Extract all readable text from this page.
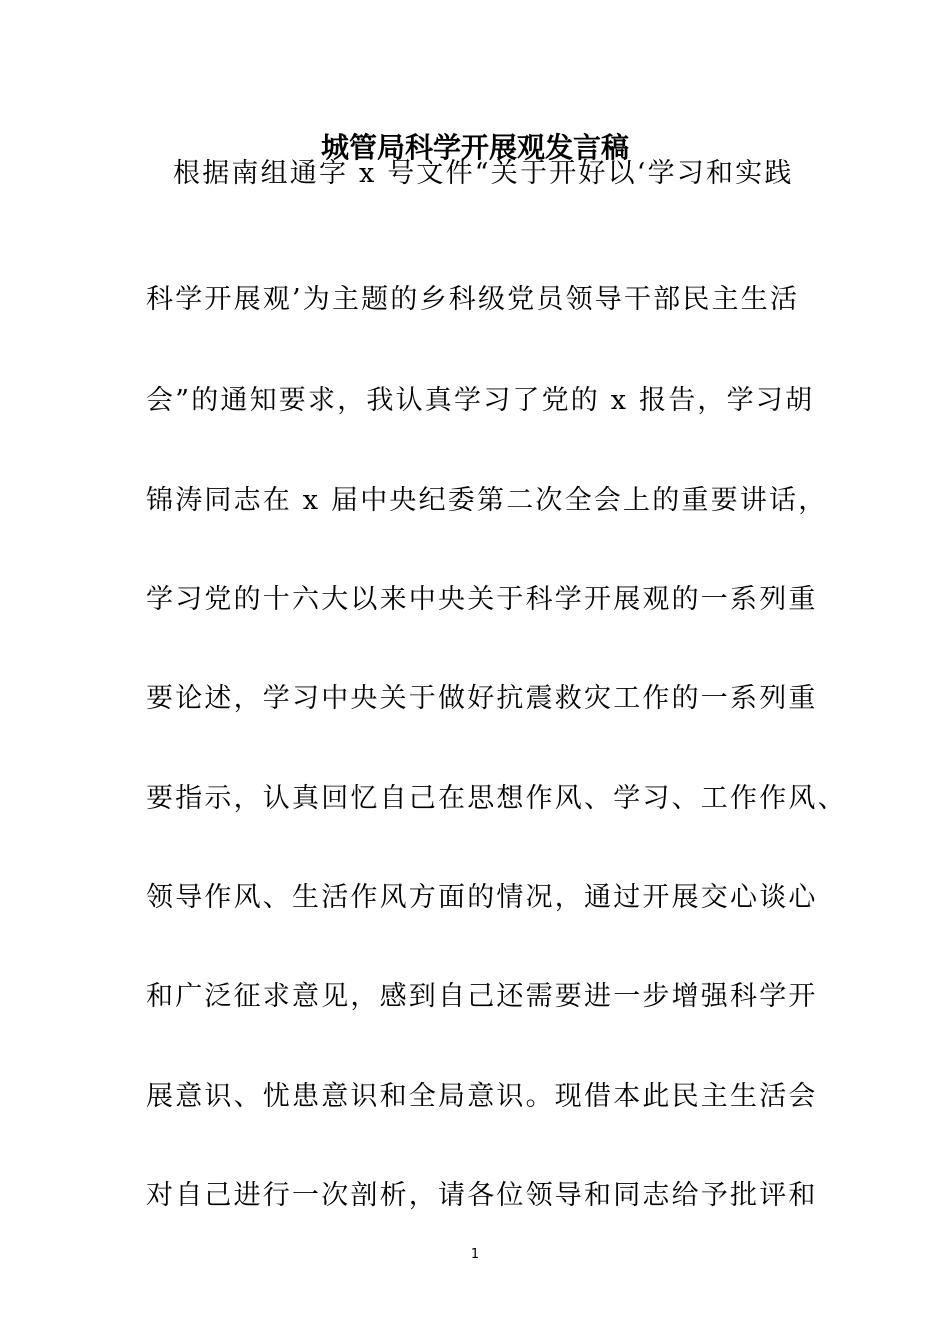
城管局科学开展观发言稿
根据南组通字 x 号文件“关于开好以‘学习和实践
科学开展观’为主题的乡科级党员领导干部民主生活
会”的通知要求，我认真学习了党的 x 报告，学习胡
锦涛同志在 x 届中央纪委第二次全会上的重要讲话，
学习党的十六大以来中央关于科学开展观的一系列重
要论述，学习中央关于做好抗震救灾工作的一系列重
要指示，认真回忆自己在思想作风、学习、工作作风、
领导作风、生活作风方面的情况，通过开展交心谈心
和广泛征求意见，感到自己还需要进一步增强科学开
展意识、忧患意识和全局意识。现借本此民主生活会
对自己进行一次剖析，请各位领导和同志给予批评和
1
